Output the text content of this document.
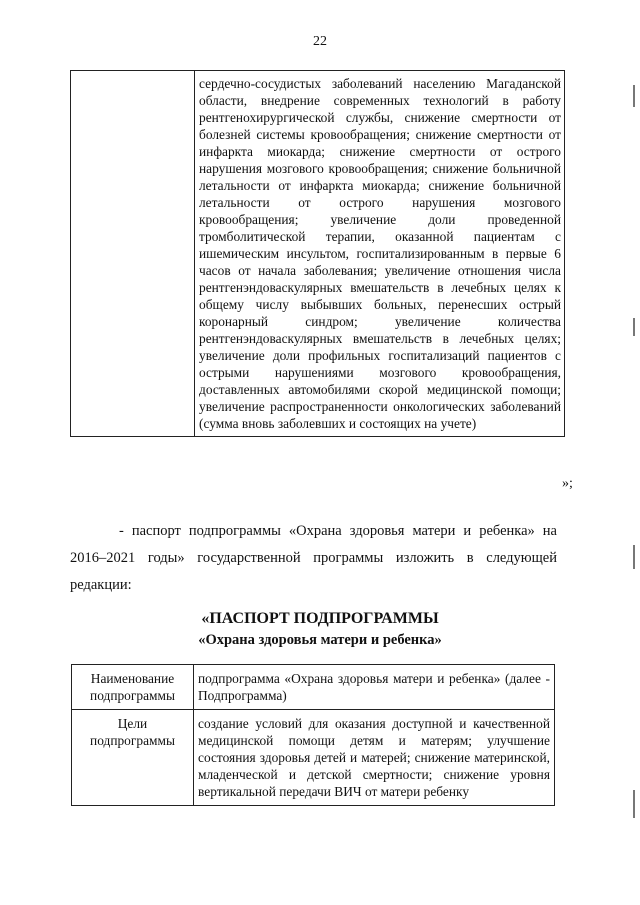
22
	сердечно-сосудистых заболеваний населению Магаданской области, внедрение современных технологий в работу рентгенохирургической службы, снижение смертности от болезней системы кровообращения; снижение смертности от инфаркта миокарда; снижение смертности от острого нарушения мозгового кровообращения; снижение больничной летальности от инфаркта миокарда; снижение больничной летальности от острого нарушения мозгового кровообращения; увеличение доли проведенной тромболитической терапии, оказанной пациентам с ишемическим инсультом, госпитализированным в первые 6 часов от начала заболевания; увеличение отношения числа рентгенэндоваскулярных вмешательств в лечебных целях к общему числу выбывших больных, перенесших острый коронарный синдром; увеличение количества рентгенэндоваскулярных вмешательств в лечебных целях; увеличение доли профильных госпитализаций пациентов с острыми нарушениями мозгового кровообращения, доставленных автомобилями скорой медицинской помощи; увеличение распространенности онкологических заболеваний (сумма вновь заболевших и состоящих на учете)
»;

- паспорт подпрограммы «Охрана здоровья матери и ребенка» на 2016–2021 годы» государственной программы изложить в следующей редакции:

«ПАСПОРТ ПОДПРОГРАММЫ
«Охрана здоровья матери и ребенка»
Наименование подпрограммы	подпрограмма «Охрана здоровья матери и ребенка» (далее - Подпрограмма)
Цели подпрограммы	создание условий для оказания доступной и качественной медицинской помощи детям и матерям; улучшение состояния здоровья детей и матерей; снижение материнской, младенческой и детской смертности; снижение уровня вертикальной передачи ВИЧ от матери ребенку
